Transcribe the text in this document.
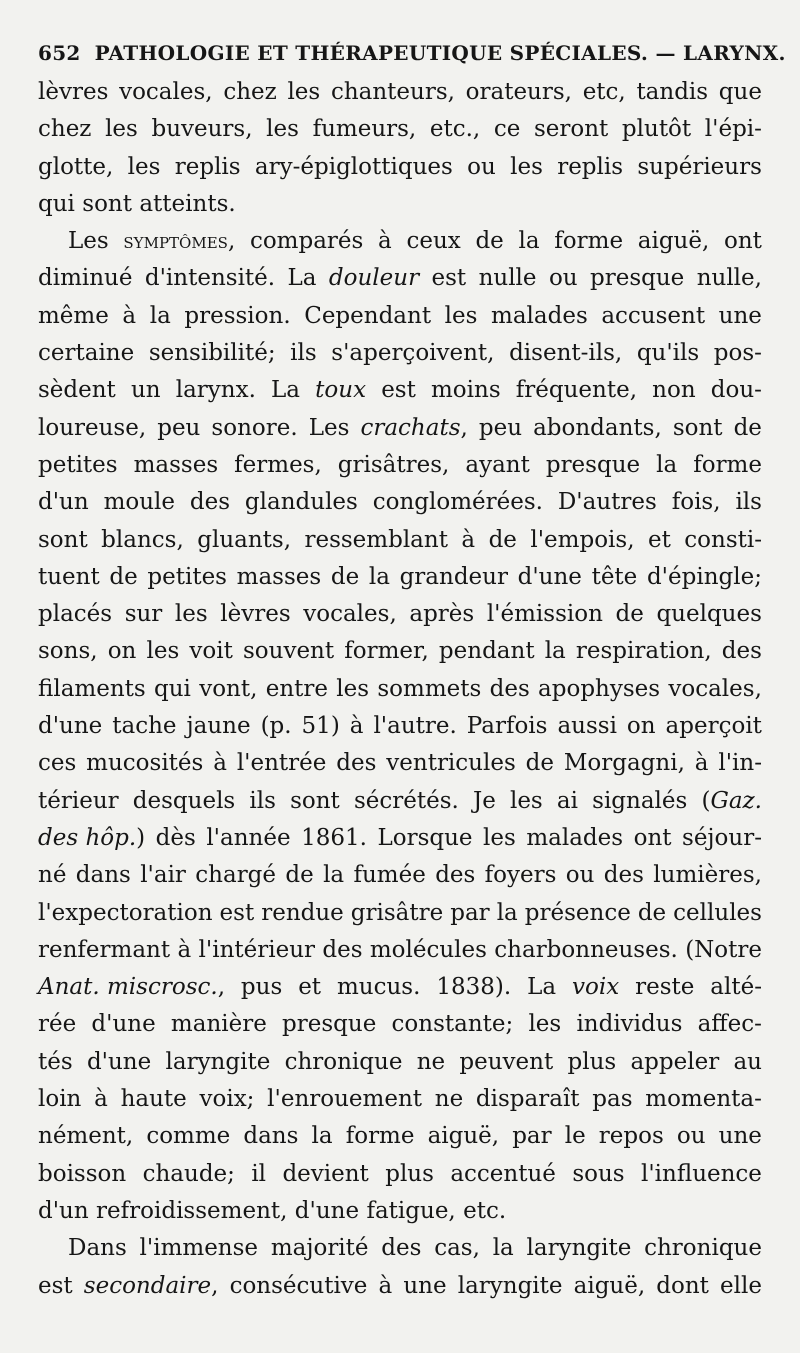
652 PATHOLOGIE ET THÉRAPEUTIQUE SPÉCIALES. — LARYNX.
lèvres vocales, chez les chanteurs, orateurs, etc, tandis que
chez les buveurs, les fumeurs, etc., ce seront plutôt l'épi-
glotte, les replis ary-épiglottiques ou les replis supérieurs
qui sont atteints.
Les symptômes, comparés à ceux de la forme aiguë, ont
diminué d'intensité. La douleur est nulle ou presque nulle,
même à la pression. Cependant les malades accusent une
certaine sensibilité; ils s'aperçoivent, disent-ils, qu'ils pos-
sèdent un larynx. La toux est moins fréquente, non dou-
loureuse, peu sonore. Les crachats, peu abondants, sont de
petites masses fermes, grisâtres, ayant presque la forme
d'un moule des glandules conglomérées. D'autres fois, ils
sont blancs, gluants, ressemblant à de l'empois, et consti-
tuent de petites masses de la grandeur d'une tête d'épingle;
placés sur les lèvres vocales, après l'émission de quelques
sons, on les voit souvent former, pendant la respiration, des
filaments qui vont, entre les sommets des apophyses vocales,
d'une tache jaune (p. 51) à l'autre. Parfois aussi on aperçoit
ces mucosités à l'entrée des ventricules de Morgagni, à l'in-
térieur desquels ils sont sécrétés. Je les ai signalés (Gaz.
des hôp.) dès l'année 1861. Lorsque les malades ont séjour-
né dans l'air chargé de la fumée des foyers ou des lumières,
l'expectoration est rendue grisâtre par la présence de cellules
renfermant à l'intérieur des molécules charbonneuses. (Notre
Anat. miscrosc., pus et mucus. 1838). La voix reste alté-
rée d'une manière presque constante; les individus affec-
tés d'une laryngite chronique ne peuvent plus appeler au
loin à haute voix; l'enrouement ne disparaît pas momenta-
nément, comme dans la forme aiguë, par le repos ou une
boisson chaude; il devient plus accentué sous l'influence
d'un refroidissement, d'une fatigue, etc.
Dans l'immense majorité des cas, la laryngite chronique
est secondaire, consécutive à une laryngite aiguë, dont elle
